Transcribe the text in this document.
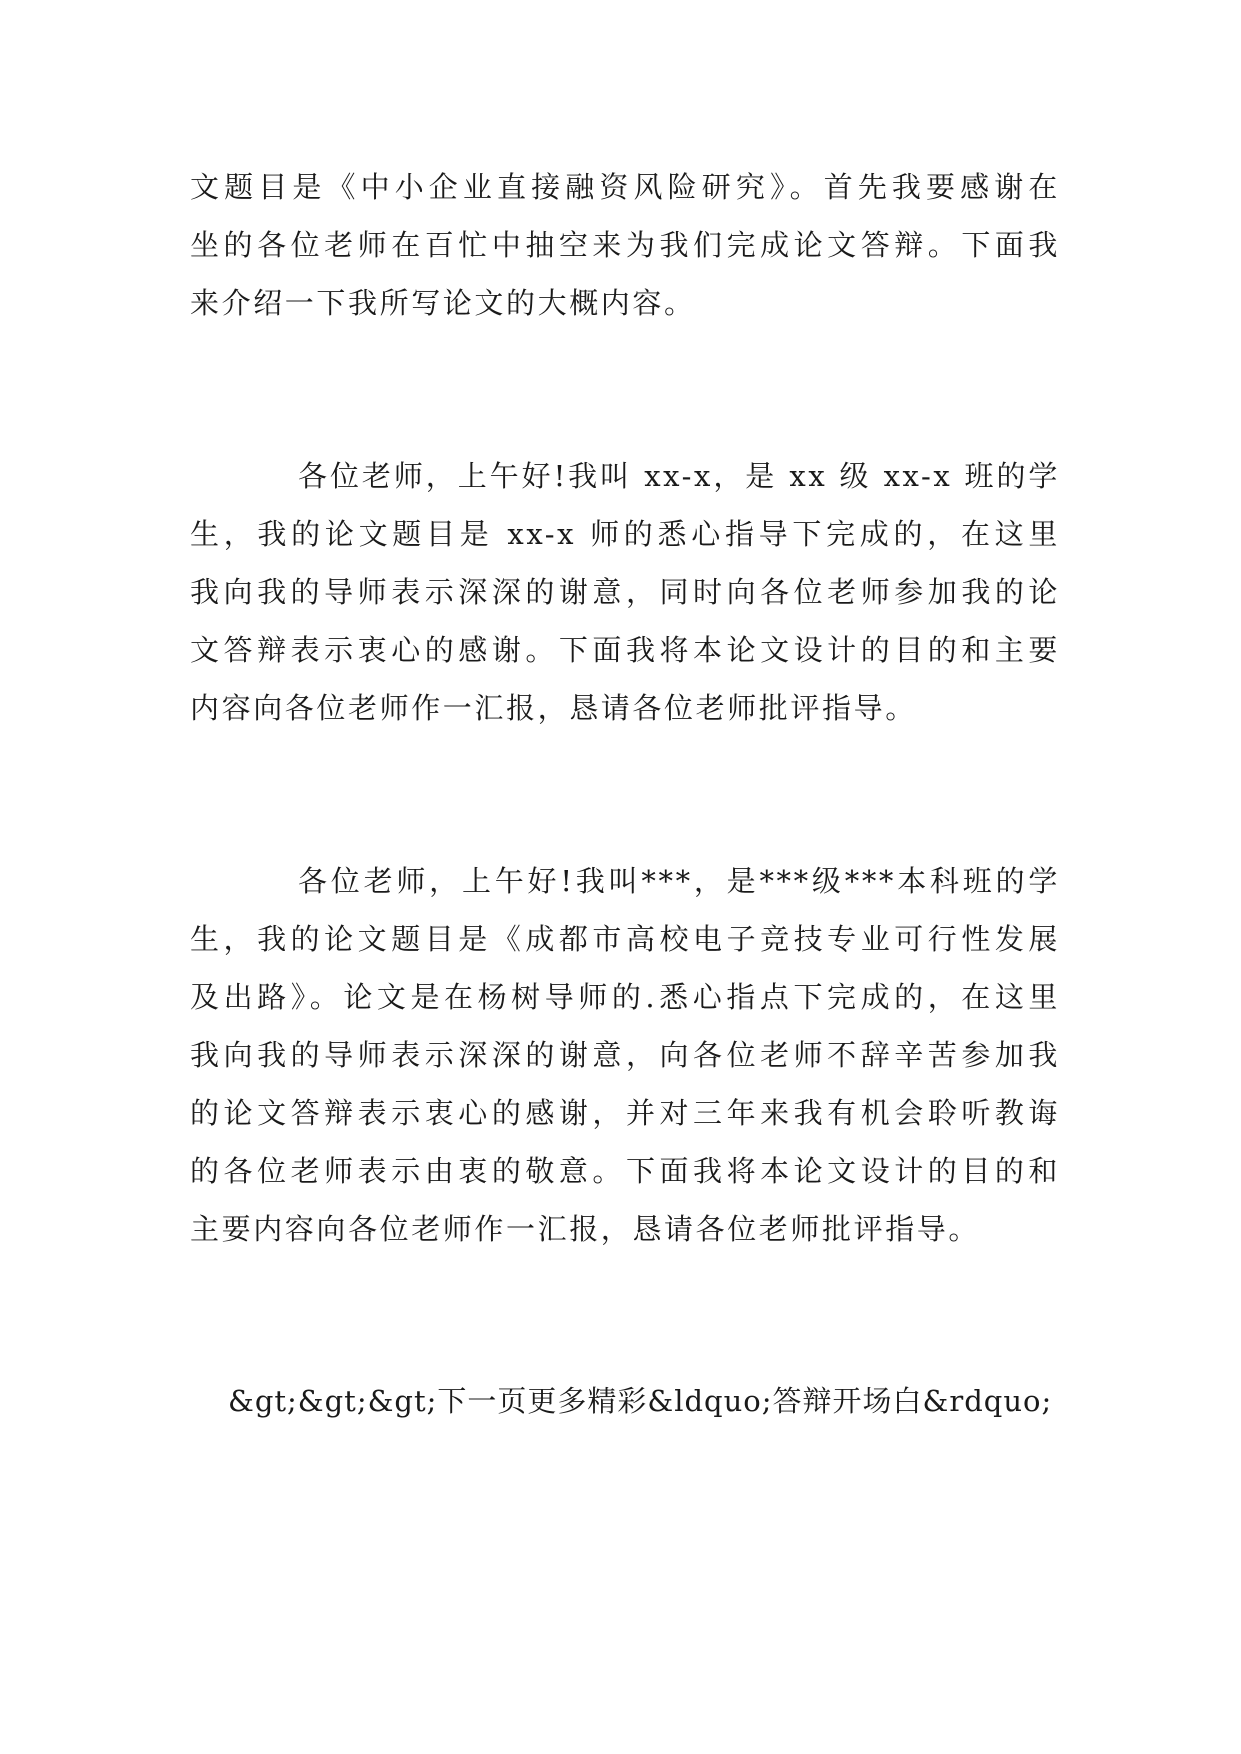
文题目是《中小企业直接融资风险研究》。首先我要感谢在
坐的各位老师在百忙中抽空来为我们完成论文答辩。下面我
来介绍一下我所写论文的大概内容。
各位老师，上午好!我叫 xx-x，是 xx 级 xx-x 班的学
生，我的论文题目是 xx-x 师的悉心指导下完成的，在这里
我向我的导师表示深深的谢意，同时向各位老师参加我的论
文答辩表示衷心的感谢。下面我将本论文设计的目的和主要
内容向各位老师作一汇报，恳请各位老师批评指导。
各位老师，上午好!我叫***，是***级***本科班的学
生，我的论文题目是《成都市高校电子竞技专业可行性发展
及出路》。论文是在杨树导师的.悉心指点下完成的，在这里
我向我的导师表示深深的谢意，向各位老师不辞辛苦参加我
的论文答辩表示衷心的感谢，并对三年来我有机会聆听教诲
的各位老师表示由衷的敬意。下面我将本论文设计的目的和
主要内容向各位老师作一汇报，恳请各位老师批评指导。
&gt;&gt;&gt;下一页更多精彩&ldquo;答辩开场白&rdquo;
